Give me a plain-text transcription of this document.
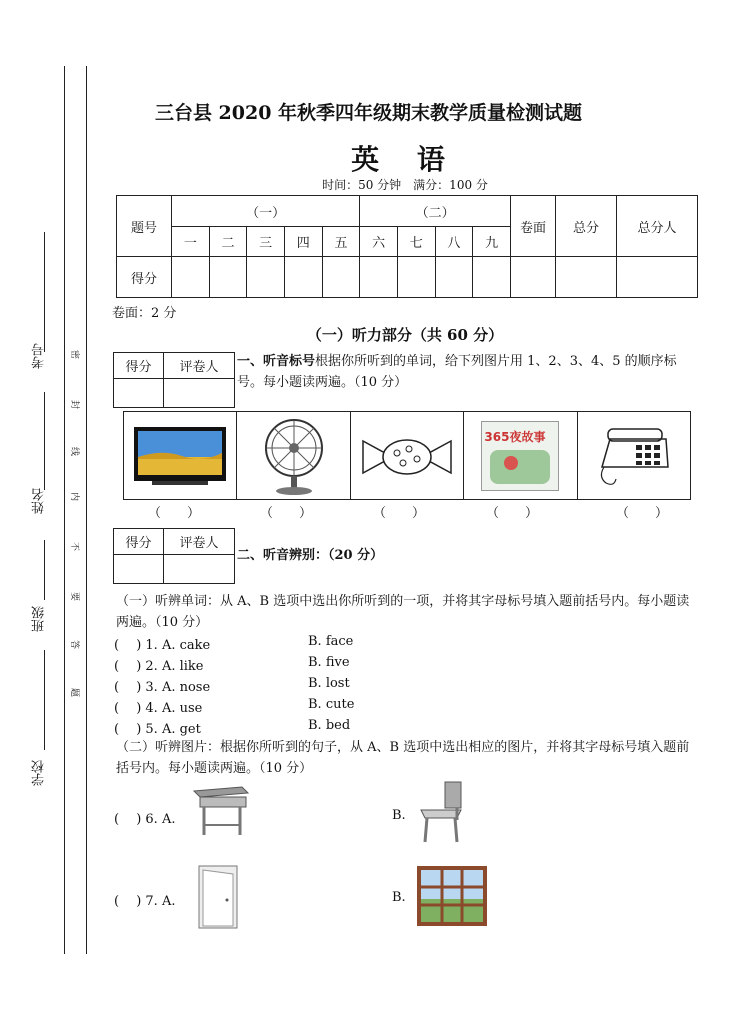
考号
姓名
班级
学校
密
封
线
内
不
要
答
题
三台县 2020 年秋季四年级期末教学质量检测试题
英 语
时间：50 分钟　满分：100 分
题号	（一）					（二）				卷面	总分	总分人
	一	二	三	四	五	六	七	八	九			
得分												
卷面：2 分
（一）听力部分（共 60 分）
得分	评卷人
	一、听音标号根据你所听到的单词，给下列图片用 1、2、3、4、5 的顺序标号。每小题读两遍。（10 分）
365夜故事
（　　）	（　　）	（　　）	（　　）	（　　）
得分	评卷人

二、听音辨别：（20 分）
（一）听辨单词：从 A、B 选项中选出你所听到的一项，并将其字母标号填入题前括号内。每小题读两遍。（10 分）
(　 ) 1. A. cake	B. face
(　 ) 2. A. like	B. five
(　 ) 3. A. nose	B. lost
(　 ) 4. A. use	B. cute
(　 ) 5. A. get	B. bed
（二）听辨图片：根据你所听到的句子，从 A、B 选项中选出相应的图片，并将其字母标号填入题前括号内。每小题读两遍。（10 分）
(　 ) 6. A.	B.
(　 ) 7. A.	B.
